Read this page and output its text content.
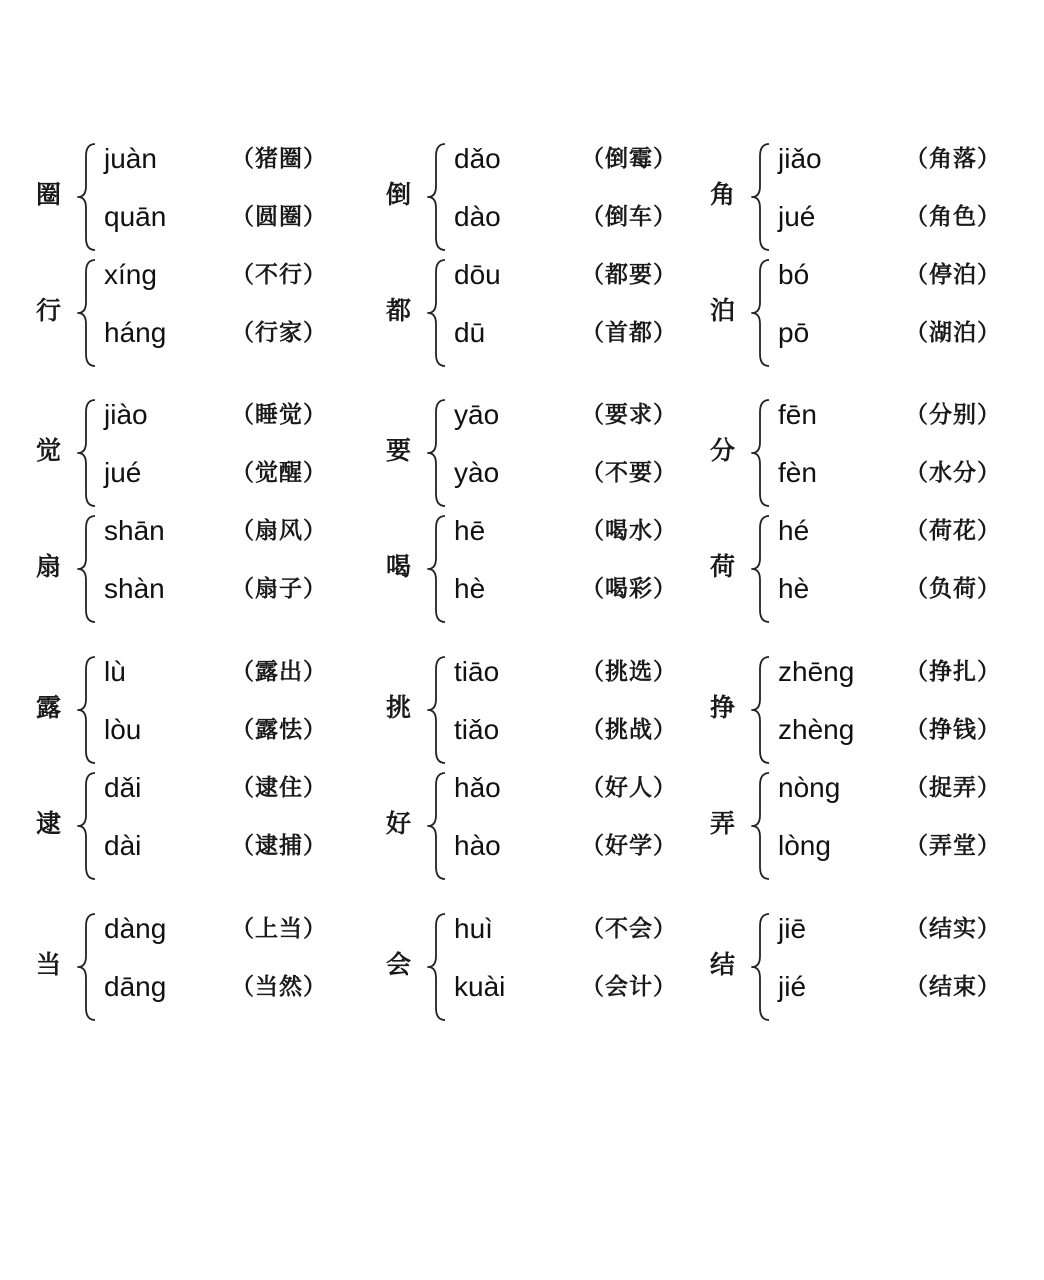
圈
juàn	（猪圈）
quān	（圆圈）
倒
dǎo	（倒霉）
dào	（倒车）
角
jiǎo	（角落）
jué	（角色）
行
xíng	（不行）
háng	（行家）
都
dōu	（都要）
dū	（首都）
泊
bó	（停泊）
pō	（湖泊）
觉
jiào	（睡觉）
jué	（觉醒）
要
yāo	（要求）
yào	（不要）
分
fēn	（分别）
fèn	（水分）
扇
shān	（扇风）
shàn	（扇子）
喝
hē	（喝水）
hè	（喝彩）
荷
hé	（荷花）
hè	（负荷）
露
lù	（露出）
lòu	（露怯）
挑
tiāo	（挑选）
tiǎo	（挑战）
挣
zhēng （挣扎）
zhèng （挣钱）
逮
dǎi	（逮住）
dài	（逮捕）
好
hǎo	（好人）
hào	（好学）
弄
nòng	（捉弄）
lòng	（弄堂）
当
dàng	（上当）
dāng	（当然）
会
huì	（不会）
kuài	（会计）
结
jiē	（结实）
jié	（结束）
